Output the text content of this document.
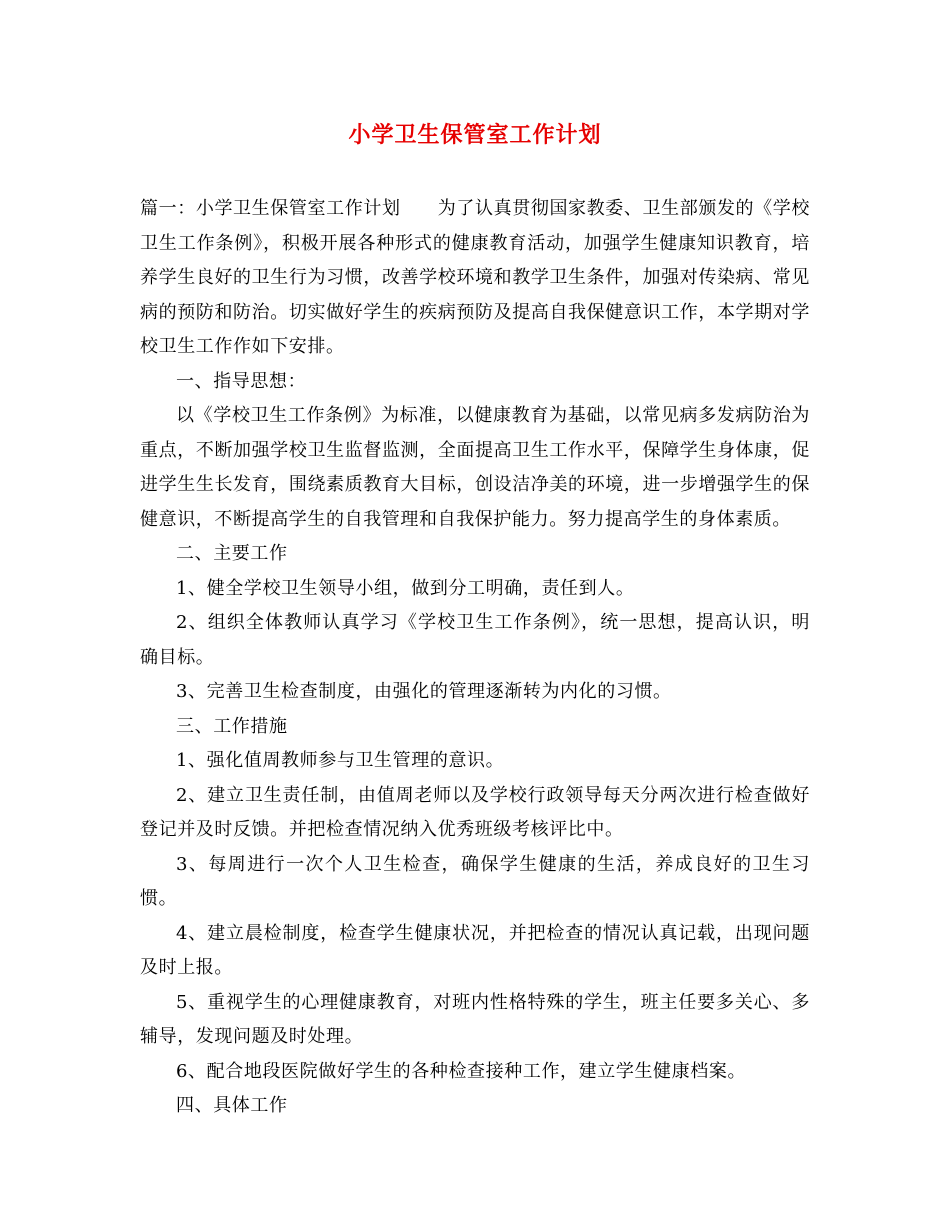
小学卫生保管室工作计划

篇一：小学卫生保管室工作计划　　为了认真贯彻国家教委、卫生部颁发的《学校卫生工作条例》，积极开展各种形式的健康教育活动，加强学生健康知识教育，培养学生良好的卫生行为习惯，改善学校环境和教学卫生条件，加强对传染病、常见病的预防和防治。切实做好学生的疾病预防及提高自我保健意识工作，本学期对学校卫生工作作如下安排。

一、指导思想：

以《学校卫生工作条例》为标准，以健康教育为基础，以常见病多发病防治为重点，不断加强学校卫生监督监测，全面提高卫生工作水平，保障学生身体康，促进学生生长发育，围绕素质教育大目标，创设洁净美的环境，进一步增强学生的保健意识，不断提高学生的自我管理和自我保护能力。努力提高学生的身体素质。

二、主要工作

1、健全学校卫生领导小组，做到分工明确，责任到人。

2、组织全体教师认真学习《学校卫生工作条例》，统一思想，提高认识，明确目标。

3、完善卫生检查制度，由强化的管理逐渐转为内化的习惯。

三、工作措施

1、强化值周教师参与卫生管理的意识。

2、建立卫生责任制，由值周老师以及学校行政领导每天分两次进行检查做好登记并及时反馈。并把检查情况纳入优秀班级考核评比中。

3、每周进行一次个人卫生检查，确保学生健康的生活，养成良好的卫生习惯。

4、建立晨检制度，检查学生健康状况，并把检查的情况认真记载，出现问题及时上报。

5、重视学生的心理健康教育，对班内性格特殊的学生，班主任要多关心、多辅导，发现问题及时处理。

6、配合地段医院做好学生的各种检查接种工作，建立学生健康档案。

四、具体工作
